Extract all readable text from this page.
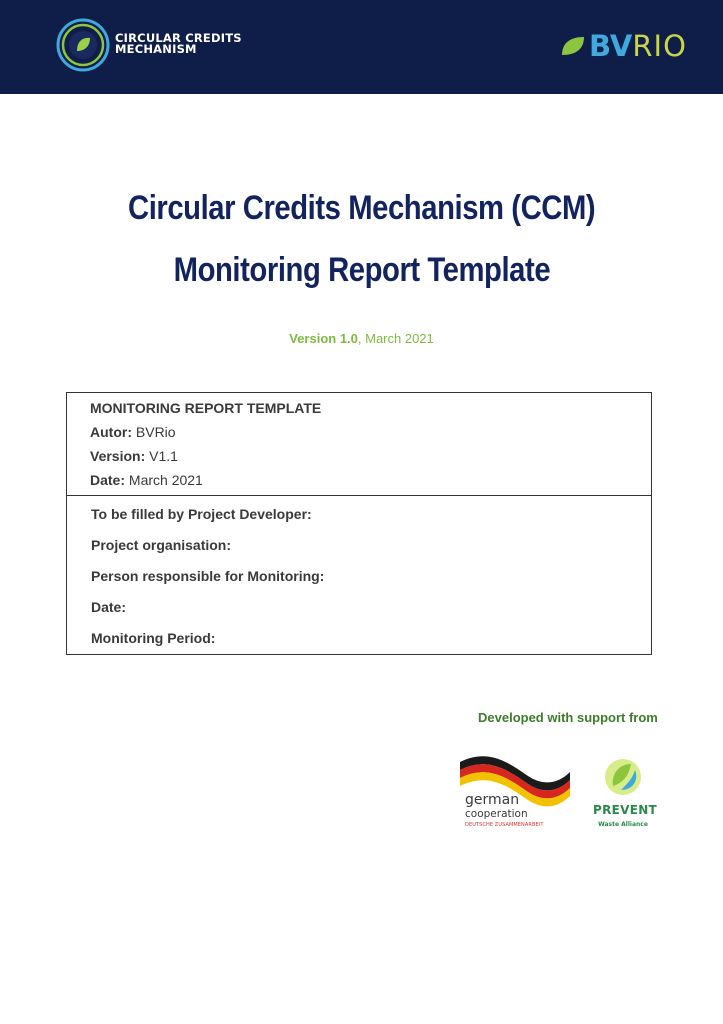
CIRCULAR CREDITS
MECHANISM	BVRIO
Circular Credits Mechanism (CCM)
Monitoring Report Template
Version 1.0, March 2021
MONITORING REPORT TEMPLATE
Autor: BVRio
Version: V1.1
Date: March 2021
To be filled by Project Developer:
Project organisation:
Person responsible for Monitoring:
Date:
Monitoring Period:
Developed with support from
german
cooperation
DEUTSCHE ZUSAMMENARBEIT
PREVENT
Waste Alliance
